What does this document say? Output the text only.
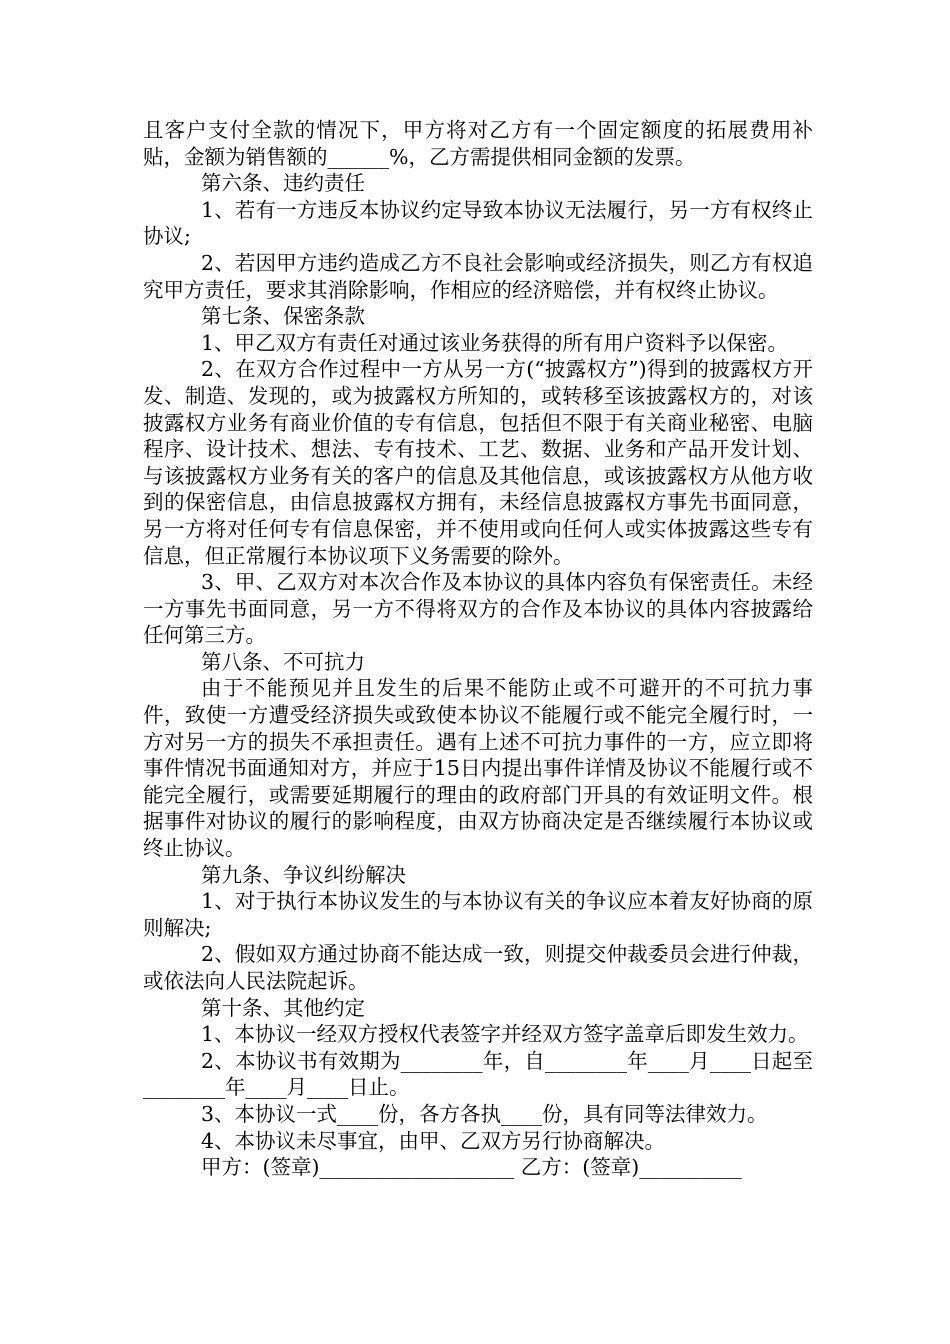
且客户支付全款的情况下，甲方将对乙方有一个固定额度的拓展费用补贴，金额为销售额的______%，乙方需提供相同金额的发票。

第六条、违约责任

1、若有一方违反本协议约定导致本协议无法履行，另一方有权终止协议;

2、若因甲方违约造成乙方不良社会影响或经济损失，则乙方有权追究甲方责任，要求其消除影响，作相应的经济赔偿，并有权终止协议。

第七条、保密条款

1、甲乙双方有责任对通过该业务获得的所有用户资料予以保密。

2、在双方合作过程中一方从另一方(“披露权方”)得到的披露权方开发、制造、发现的，或为披露权方所知的，或转移至该披露权方的，对该披露权方业务有商业价值的专有信息，包括但不限于有关商业秘密、电脑程序、设计技术、想法、专有技术、工艺、数据、业务和产品开发计划、与该披露权方业务有关的客户的信息及其他信息，或该披露权方从他方收到的保密信息，由信息披露权方拥有，未经信息披露权方事先书面同意，另一方将对任何专有信息保密，并不使用或向任何人或实体披露这些专有信息，但正常履行本协议项下义务需要的除外。

3、甲、乙双方对本次合作及本协议的具体内容负有保密责任。未经一方事先书面同意，另一方不得将双方的合作及本协议的具体内容披露给任何第三方。

第八条、不可抗力

由于不能预见并且发生的后果不能防止或不可避开的不可抗力事件，致使一方遭受经济损失或致使本协议不能履行或不能完全履行时，一方对另一方的损失不承担责任。遇有上述不可抗力事件的一方，应立即将事件情况书面通知对方，并应于15日内提出事件详情及协议不能履行或不能完全履行，或需要延期履行的理由的政府部门开具的有效证明文件。根据事件对协议的履行的影响程度，由双方协商决定是否继续履行本协议或终止协议。

第九条、争议纠纷解决

1、对于执行本协议发生的与本协议有关的争议应本着友好协商的原则解决;

2、假如双方通过协商不能达成一致，则提交仲裁委员会进行仲裁，或依法向人民法院起诉。

第十条、其他约定

1、本协议一经双方授权代表签字并经双方签字盖章后即发生效力。

2、本协议书有效期为________年，自________年____月____日起至________年____月____日止。

3、本协议一式____份，各方各执____份，具有同等法律效力。

4、本协议未尽事宜，由甲、乙双方另行协商解决。

甲方：(签章)___________________ 乙方：(签章)__________
